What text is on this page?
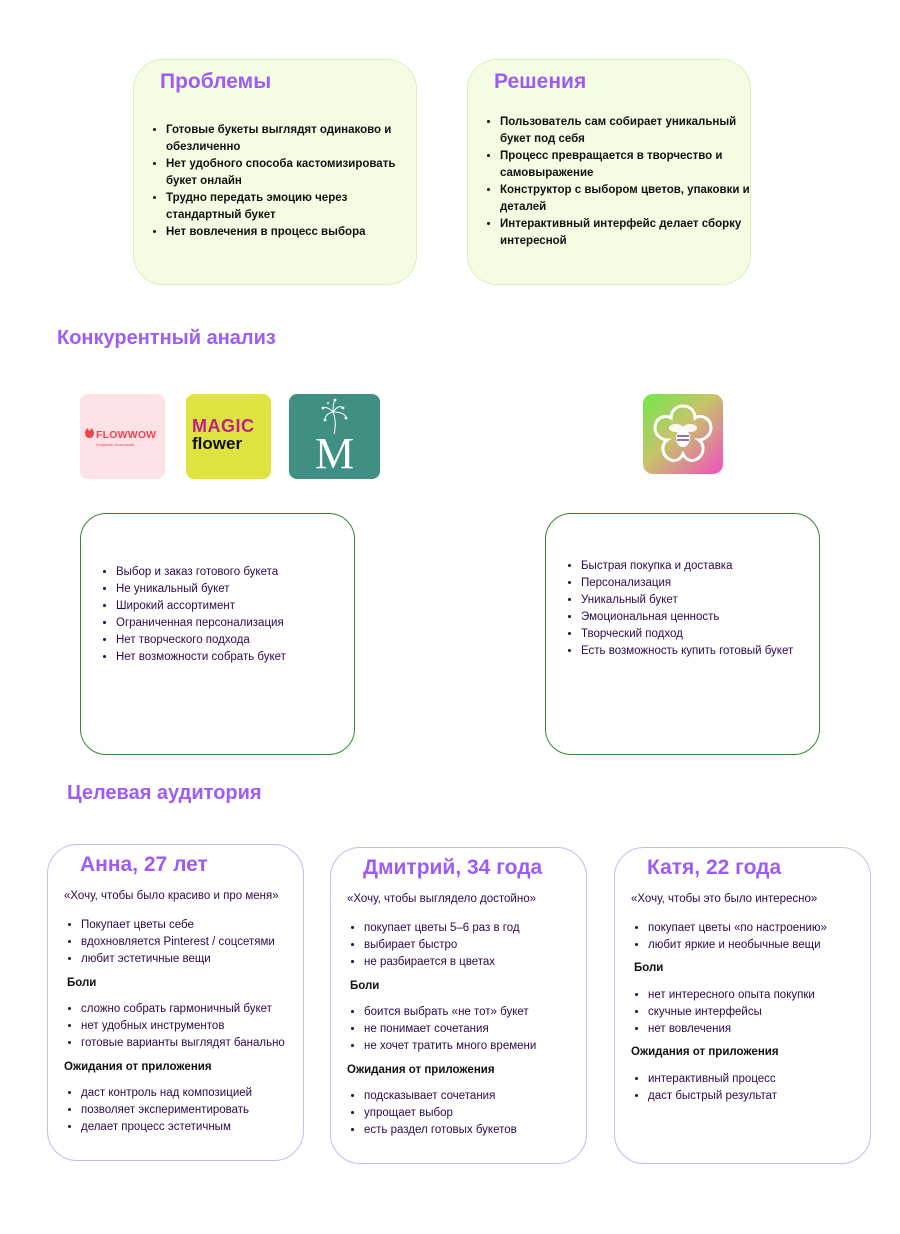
Проблемы
• Готовые букеты выглядят одинаково и обезличенно
• Нет удобного способа кастомизировать букет онлайн
• Трудно передать эмоцию через стандартный букет
• Нет вовлечения в процесс выбора
Решения
• Пользователь сам собирает уникальный букет под себя
• Процесс превращается в творчество и самовыражение
• Конструктор с выбором цветов, упаковки и деталей
• Интерактивный интерфейс делает сборку интересной
Конкурентный анализ
FLOWWOW
Открытки Анастасия
MAGIC
flower	M
• Выбор и заказ готового букета
• Не уникальный букет
• Широкий ассортимент
• Ограниченная персонализация
• Нет творческого подхода
• Нет возможности собрать букет
• Быстрая покупка и доставка
• Персонализация
• Уникальный букет
• Эмоциональная ценность
• Творческий подход
• Есть возможность купить готовый букет
Целевая аудитория
Анна, 27 лет
«Хочу, чтобы было красиво и про меня»
• Покупает цветы себе
• вдохновляется Pinterest / соцсетями
• любит эстетичные вещи
Боли
• сложно собрать гармоничный букет
• нет удобных инструментов
• готовые варианты выглядят банально
Ожидания от приложения
• даст контроль над композицией
• позволяет экспериментировать
• делает процесс эстетичным
Дмитрий, 34 года
«Хочу, чтобы выглядело достойно»
• покупает цветы 5–6 раз в год
• выбирает быстро
• не разбирается в цветах
Боли
• боится выбрать «не тот» букет
• не понимает сочетания
• не хочет тратить много времени
Ожидания от приложения
• подсказывает сочетания
• упрощает выбор
• есть раздел готовых букетов
Катя, 22 года
«Хочу, чтобы это было интересно»
• покупает цветы «по настроению»
• любит яркие и необычные вещи
Боли
• нет интересного опыта покупки
• скучные интерфейсы
• нет вовлечения
Ожидания от приложения
• интерактивный процесс
• даст быстрый результат
